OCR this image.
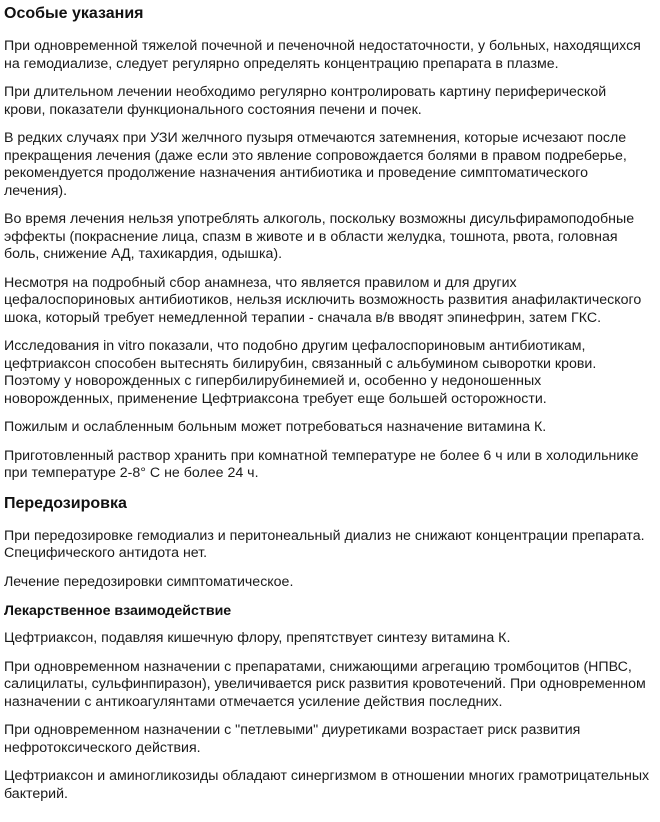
Особые указания

При одновременной тяжелой почечной и печеночной недостаточности, у больных, находящихся на гемодиализе, следует регулярно определять концентрацию препарата в плазме.

При длительном лечении необходимо регулярно контролировать картину периферической крови, показатели функционального состояния печени и почек.

В редких случаях при УЗИ желчного пузыря отмечаются затемнения, которые исчезают после прекращения лечения (даже если это явление сопровождается болями в правом подреберье, рекомендуется продолжение назначения антибиотика и проведение симптоматического лечения).

Во время лечения нельзя употреблять алкоголь, поскольку возможны дисульфирамоподобные эффекты (покраснение лица, спазм в животе и в области желудка, тошнота, рвота, головная боль, снижение АД, тахикардия, одышка).

Несмотря на подробный сбор анамнеза, что является правилом и для других цефалоспориновых антибиотиков, нельзя исключить возможность развития анафилактического шока, который требует немедленной терапии - сначала в/в вводят эпинефрин, затем ГКС.

Исследования in vitro показали, что подобно другим цефалоспориновым антибиотикам, цефтриаксон способен вытеснять билирубин, связанный с альбумином сыворотки крови. Поэтому у новорожденных с гипербилирубинемией и, особенно у недоношенных новорожденных, применение Цефтриаксона требует еще большей осторожности.

Пожилым и ослабленным больным может потребоваться назначение витамина К.

Приготовленный раствор хранить при комнатной температуре не более 6 ч или в холодильнике при температуре 2-8° С не более 24 ч.

Передозировка

При передозировке гемодиализ и перитонеальный диализ не снижают концентрации препарата. Специфического антидота нет.

Лечение передозировки симптоматическое.

Лекарственное взаимодействие

Цефтриаксон, подавляя кишечную флору, препятствует синтезу витамина К.

При одновременном назначении с препаратами, снижающими агрегацию тромбоцитов (НПВС, салицилаты, сульфинпиразон), увеличивается риск развития кровотечений. При одновременном назначении с антикоагулянтами отмечается усиление действия последних.

При одновременном назначении с "петлевыми" диуретиками возрастает риск развития нефротоксического действия.

Цефтриаксон и аминогликозиды обладают синергизмом в отношении многих грамотрицательных бактерий.
